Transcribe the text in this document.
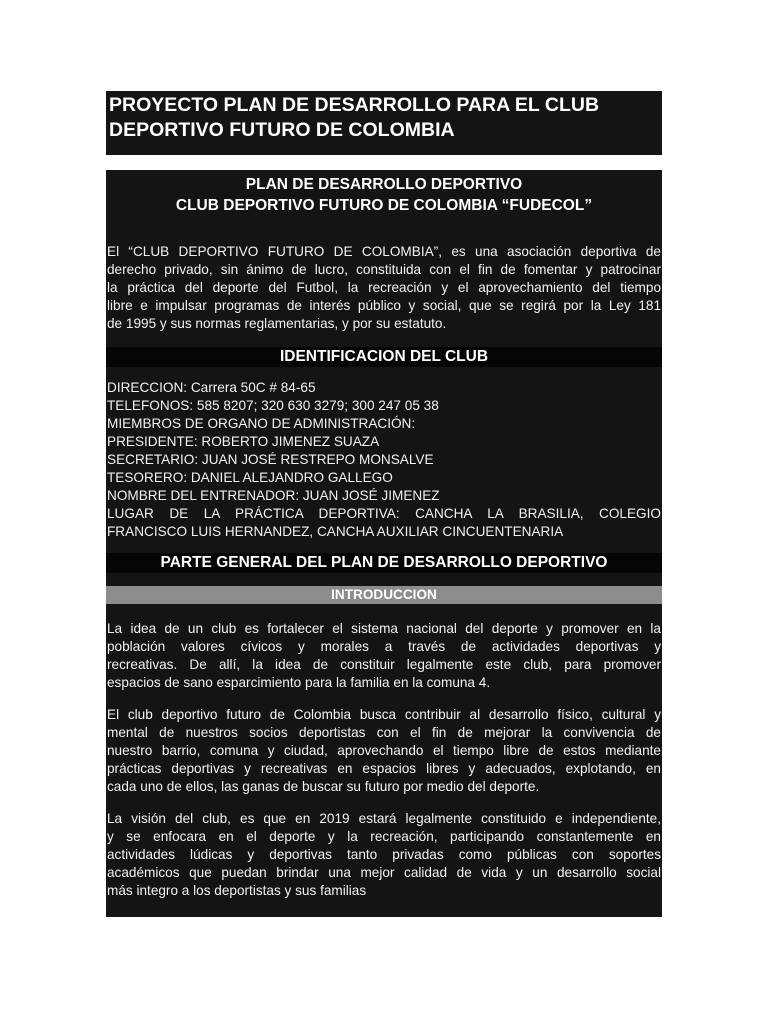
PROYECTO PLAN DE DESARROLLO PARA EL CLUB
DEPORTIVO FUTURO DE COLOMBIA
PLAN DE DESARROLLO DEPORTIVO
CLUB DEPORTIVO FUTURO DE COLOMBIA “FUDECOL”
El “CLUB DEPORTIVO FUTURO DE COLOMBIA”, es una asociación deportiva de
derecho privado, sin ánimo de lucro, constituida con el fin de fomentar y patrocinar
la práctica del deporte del Futbol, la recreación y el aprovechamiento del tiempo
libre e impulsar programas de interés público y social, que se regirá por la Ley 181
de 1995 y sus normas reglamentarias, y por su estatuto.
IDENTIFICACION DEL CLUB
DIRECCION: Carrera 50C # 84-65
TELEFONOS: 585 8207; 320 630 3279; 300 247 05 38
MIEMBROS DE ORGANO DE ADMINISTRACIÓN:
PRESIDENTE: ROBERTO JIMENEZ SUAZA
SECRETARIO: JUAN JOSÉ RESTREPO MONSALVE
TESORERO: DANIEL ALEJANDRO GALLEGO
NOMBRE DEL ENTRENADOR: JUAN JOSÉ JIMENEZ
LUGAR DE LA PRÁCTICA DEPORTIVA: CANCHA LA BRASILIA, COLEGIO
FRANCISCO LUIS HERNANDEZ, CANCHA AUXILIAR CINCUENTENARIA
PARTE GENERAL DEL PLAN DE DESARROLLO DEPORTIVO
INTRODUCCION
La idea de un club es fortalecer el sistema nacional del deporte y promover en la
población valores cívicos y morales a través de actividades deportivas y
recreativas. De allí, la idea de constituir legalmente este club, para promover
espacios de sano esparcimiento para la familia en la comuna 4.
El club deportivo futuro de Colombia busca contribuir al desarrollo físico, cultural y
mental de nuestros socios deportistas con el fin de mejorar la convivencia de
nuestro barrio, comuna y ciudad, aprovechando el tiempo libre de estos mediante
prácticas deportivas y recreativas en espacios libres y adecuados, explotando, en
cada uno de ellos, las ganas de buscar su futuro por medio del deporte.
La visión del club, es que en 2019 estará legalmente constituido e independiente,
y se enfocara en el deporte y la recreación, participando constantemente en
actividades lúdicas y deportivas tanto privadas como públicas con soportes
académicos que puedan brindar una mejor calidad de vida y un desarrollo social
más integro a los deportistas y sus familias
